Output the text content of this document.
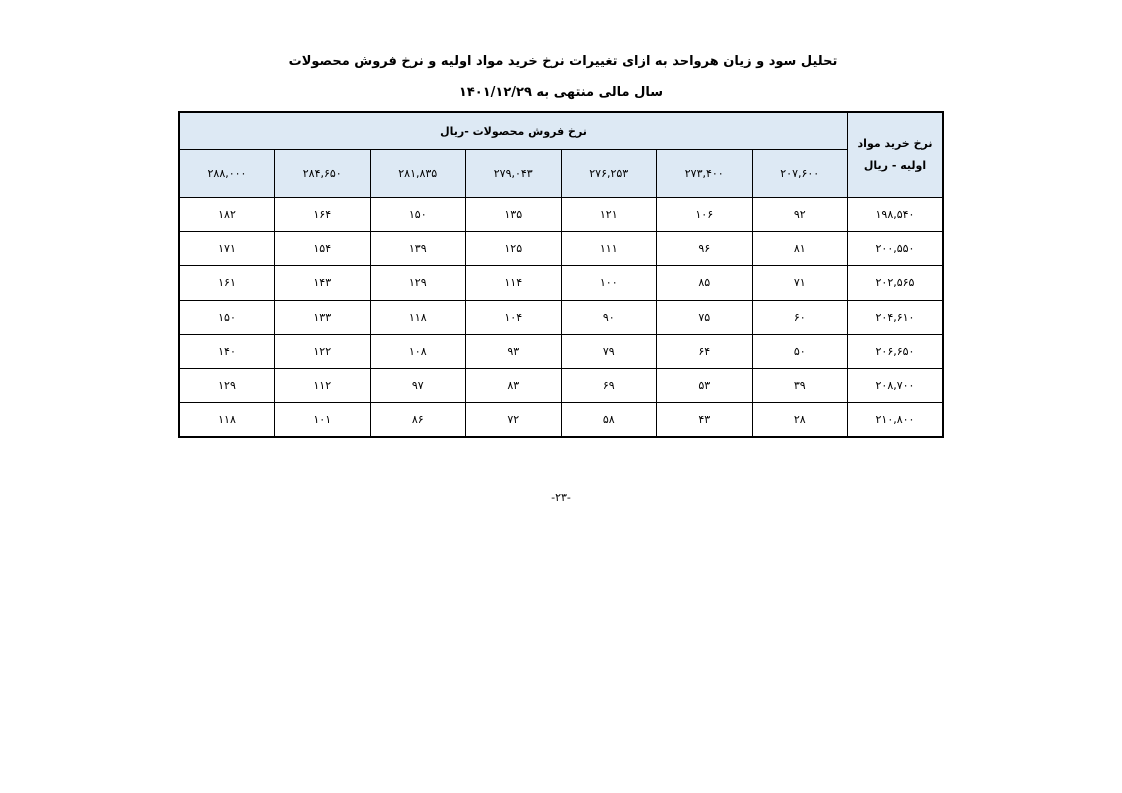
تحلیل سود و زیان هرواحد به ازای تغییرات نرخ خرید مواد اولیه و نرخ فروش محصولات
سال مالی منتهی به ۱۴۰۱/۱۲/۲۹
نرخ خرید مواد
اولیه - ریال	نرخ فروش محصولات -ریال						
	۲۰۷,۶۰۰	۲۷۳,۴۰۰	۲۷۶,۲۵۳	۲۷۹,۰۴۳	۲۸۱,۸۳۵	۲۸۴,۶۵۰	۲۸۸,۰۰۰
۱۹۸,۵۴۰	۹۲	۱۰۶	۱۲۱	۱۳۵	۱۵۰	۱۶۴	۱۸۲
۲۰۰,۵۵۰	۸۱	۹۶	۱۱۱	۱۲۵	۱۳۹	۱۵۴	۱۷۱
۲۰۲,۵۶۵	۷۱	۸۵	۱۰۰	۱۱۴	۱۲۹	۱۴۳	۱۶۱
۲۰۴,۶۱۰	۶۰	۷۵	۹۰	۱۰۴	۱۱۸	۱۳۳	۱۵۰
۲۰۶,۶۵۰	۵۰	۶۴	۷۹	۹۳	۱۰۸	۱۲۲	۱۴۰
۲۰۸,۷۰۰	۳۹	۵۳	۶۹	۸۳	۹۷	۱۱۲	۱۲۹
۲۱۰,۸۰۰	۲۸	۴۳	۵۸	۷۲	۸۶	۱۰۱	۱۱۸
-۲۳-
